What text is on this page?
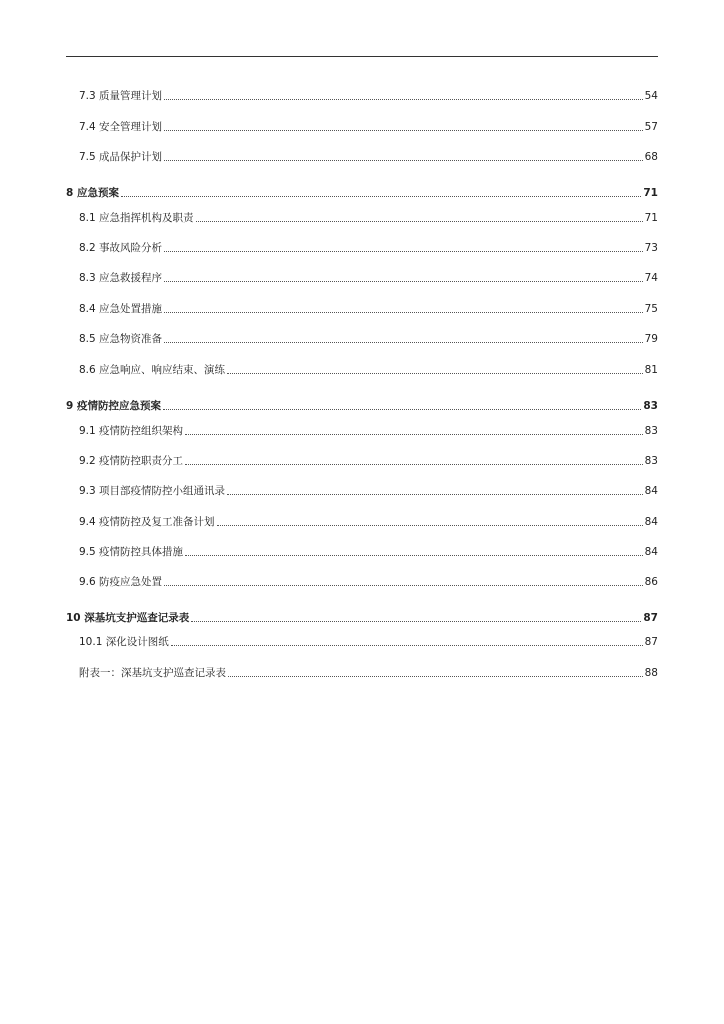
7.3 质量管理计划	54
7.4 安全管理计划	57
7.5 成品保护计划	68
8 应急预案	71
8.1 应急指挥机构及职责	71
8.2 事故风险分析	73
8.3 应急救援程序	74
8.4 应急处置措施	75
8.5 应急物资准备	79
8.6 应急响应、响应结束、演练	81
9 疫情防控应急预案	83
9.1 疫情防控组织架构	83
9.2 疫情防控职责分工	83
9.3 项目部疫情防控小组通讯录	84
9.4 疫情防控及复工准备计划	84
9.5 疫情防控具体措施	84
9.6 防疫应急处置	86
10 深基坑支护巡查记录表	87
10.1 深化设计图纸	87
附表一：深基坑支护巡查记录表	88
